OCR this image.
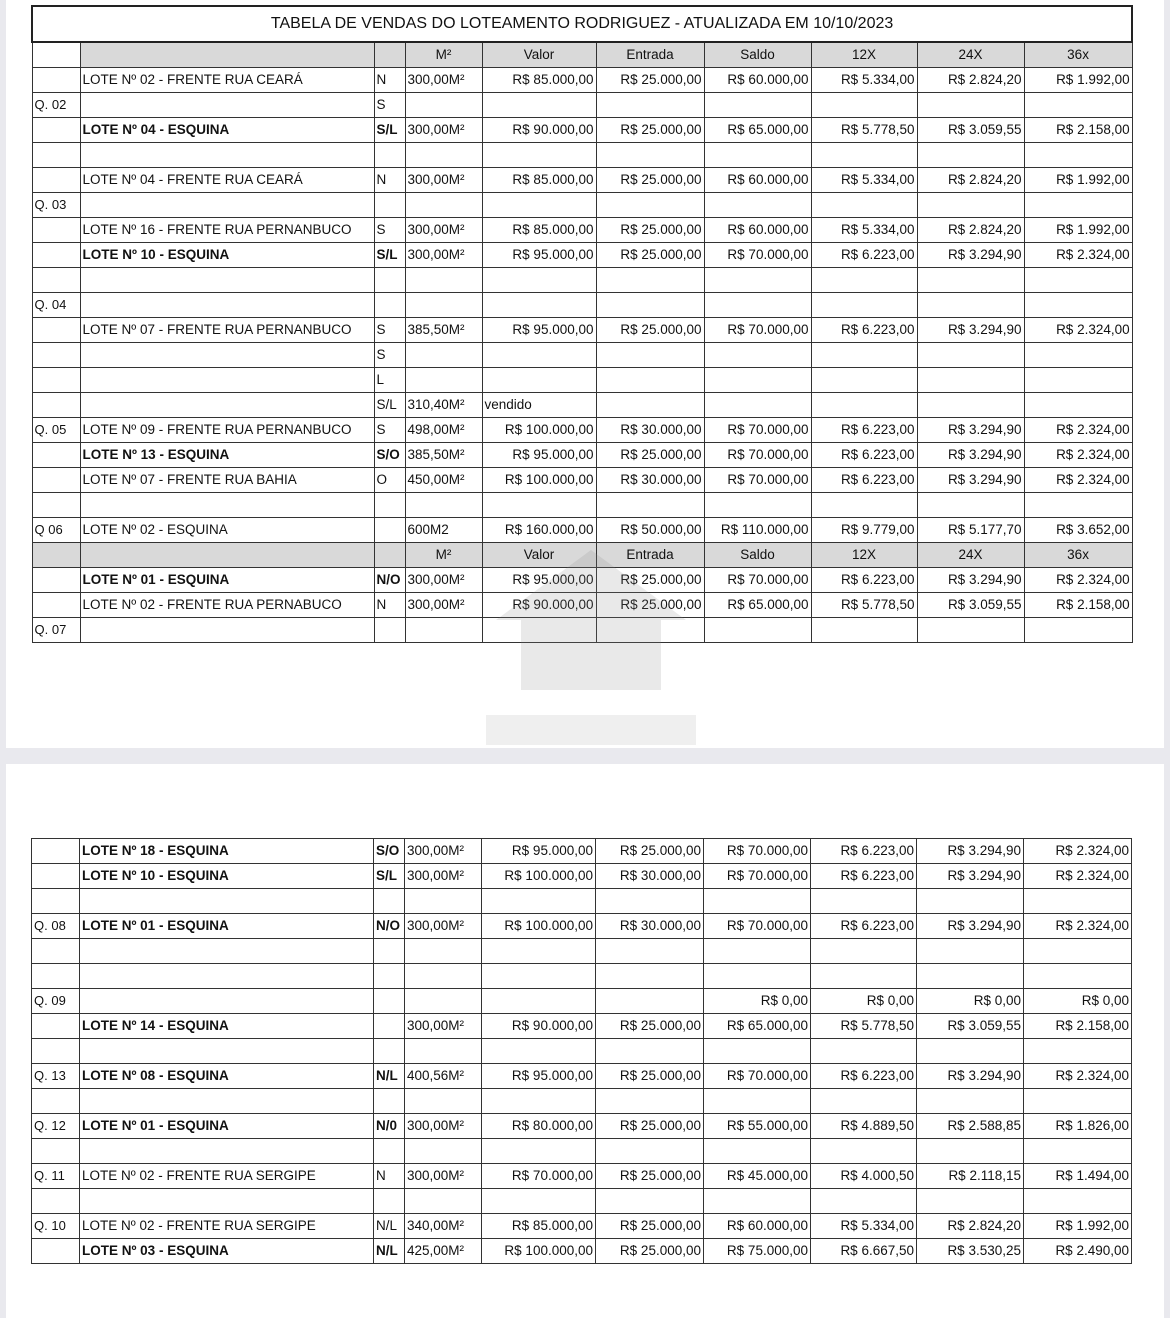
TABELA DE VENDAS DO LOTEAMENTO RODRIGUEZ - ATUALIZADA EM 10/10/2023									
			M²	Valor	Entrada	Saldo	12X	24X	36x
	LOTE Nº 02 - FRENTE RUA CEARÁ	N	300,00M²	R$ 85.000,00	R$ 25.000,00	R$ 60.000,00	R$ 5.334,00	R$ 2.824,20	R$ 1.992,00
Q. 02		S							
	LOTE Nº 04 - ESQUINA	S/L	300,00M²	R$ 90.000,00	R$ 25.000,00	R$ 65.000,00	R$ 5.778,50	R$ 3.059,55	R$ 2.158,00

	LOTE Nº 04 - FRENTE RUA CEARÁ	N	300,00M²	R$ 85.000,00	R$ 25.000,00	R$ 60.000,00	R$ 5.334,00	R$ 2.824,20	R$ 1.992,00
Q. 03									
	LOTE Nº 16 - FRENTE RUA PERNANBUCO	S	300,00M²	R$ 85.000,00	R$ 25.000,00	R$ 60.000,00	R$ 5.334,00	R$ 2.824,20	R$ 1.992,00
	LOTE Nº 10 - ESQUINA	S/L	300,00M²	R$ 95.000,00	R$ 25.000,00	R$ 70.000,00	R$ 6.223,00	R$ 3.294,90	R$ 2.324,00

Q. 04									
	LOTE Nº 07 - FRENTE RUA PERNANBUCO	S	385,50M²	R$ 95.000,00	R$ 25.000,00	R$ 70.000,00	R$ 6.223,00	R$ 3.294,90	R$ 2.324,00
		S							
		L							
		S/L	310,40M²	vendido					
Q. 05	LOTE Nº 09 - FRENTE RUA PERNANBUCO	S	498,00M²	R$ 100.000,00	R$ 30.000,00	R$ 70.000,00	R$ 6.223,00	R$ 3.294,90	R$ 2.324,00
	LOTE Nº 13 - ESQUINA	S/O	385,50M²	R$ 95.000,00	R$ 25.000,00	R$ 70.000,00	R$ 6.223,00	R$ 3.294,90	R$ 2.324,00
	LOTE Nº 07 - FRENTE RUA BAHIA	O	450,00M²	R$ 100.000,00	R$ 30.000,00	R$ 70.000,00	R$ 6.223,00	R$ 3.294,90	R$ 2.324,00

Q 06	LOTE Nº 02 - ESQUINA		600M2	R$ 160.000,00	R$ 50.000,00	R$ 110.000,00	R$ 9.779,00	R$ 5.177,70	R$ 3.652,00
			M²	Valor	Entrada	Saldo	12X	24X	36x
	LOTE Nº 01 - ESQUINA	N/O	300,00M²	R$ 95.000,00	R$ 25.000,00	R$ 70.000,00	R$ 6.223,00	R$ 3.294,90	R$ 2.324,00
	LOTE Nº 02 - FRENTE RUA PERNABUCO	N	300,00M²	R$ 90.000,00	R$ 25.000,00	R$ 65.000,00	R$ 5.778,50	R$ 3.059,55	R$ 2.158,00
Q. 07									
	LOTE Nº 18 - ESQUINA	S/O	300,00M²	R$ 95.000,00	R$ 25.000,00	R$ 70.000,00	R$ 6.223,00	R$ 3.294,90	R$ 2.324,00
	LOTE Nº 10 - ESQUINA	S/L	300,00M²	R$ 100.000,00	R$ 30.000,00	R$ 70.000,00	R$ 6.223,00	R$ 3.294,90	R$ 2.324,00

Q. 08	LOTE Nº 01 - ESQUINA	N/O	300,00M²	R$ 100.000,00	R$ 30.000,00	R$ 70.000,00	R$ 6.223,00	R$ 3.294,90	R$ 2.324,00

Q. 09						R$ 0,00	R$ 0,00	R$ 0,00	R$ 0,00
	LOTE Nº 14 - ESQUINA		300,00M²	R$ 90.000,00	R$ 25.000,00	R$ 65.000,00	R$ 5.778,50	R$ 3.059,55	R$ 2.158,00

Q. 13	LOTE Nº 08 - ESQUINA	N/L	400,56M²	R$ 95.000,00	R$ 25.000,00	R$ 70.000,00	R$ 6.223,00	R$ 3.294,90	R$ 2.324,00

Q. 12	LOTE Nº 01 - ESQUINA	N/0	300,00M²	R$ 80.000,00	R$ 25.000,00	R$ 55.000,00	R$ 4.889,50	R$ 2.588,85	R$ 1.826,00

Q. 11	LOTE Nº 02 - FRENTE RUA SERGIPE	N	300,00M²	R$ 70.000,00	R$ 25.000,00	R$ 45.000,00	R$ 4.000,50	R$ 2.118,15	R$ 1.494,00

Q. 10	LOTE Nº 02 - FRENTE RUA SERGIPE	N/L	340,00M²	R$ 85.000,00	R$ 25.000,00	R$ 60.000,00	R$ 5.334,00	R$ 2.824,20	R$ 1.992,00
	LOTE Nº 03 - ESQUINA	N/L	425,00M²	R$ 100.000,00	R$ 25.000,00	R$ 75.000,00	R$ 6.667,50	R$ 3.530,25	R$ 2.490,00
